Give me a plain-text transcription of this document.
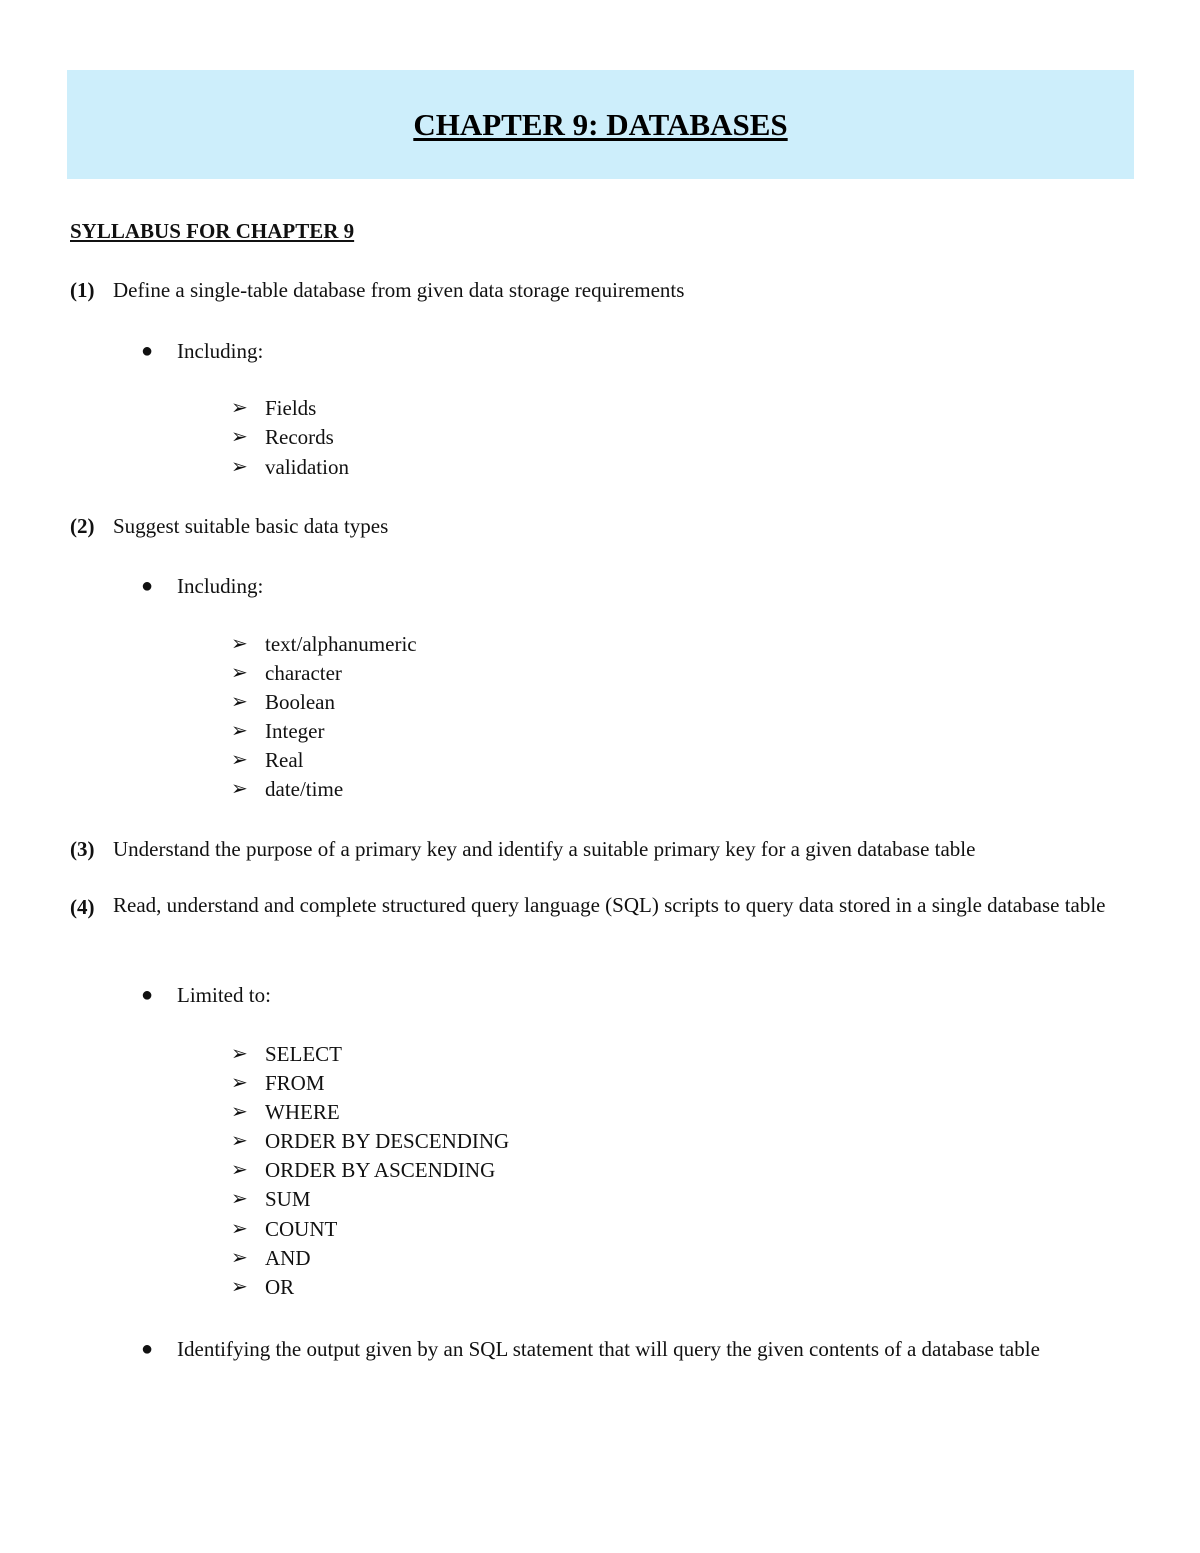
CHAPTER 9: DATABASES
SYLLABUS FOR CHAPTER 9
(1) Define a single-table database from given data storage requirements
● Including:
➢ Fields
➢ Records
➢ validation
(2) Suggest suitable basic data types
● Including:
➢ text/alphanumeric
➢ character
➢ Boolean
➢ Integer
➢ Real
➢ date/time
(3) Understand the purpose of a primary key and identify a suitable primary key for a given database table
(4) Read, understand and complete structured query language (SQL) scripts to query data stored in a single database table
● Limited to:
➢ SELECT
➢ FROM
➢ WHERE
➢ ORDER BY DESCENDING
➢ ORDER BY ASCENDING
➢ SUM
➢ COUNT
➢ AND
➢ OR
● Identifying the output given by an SQL statement that will query the given contents of a database table
